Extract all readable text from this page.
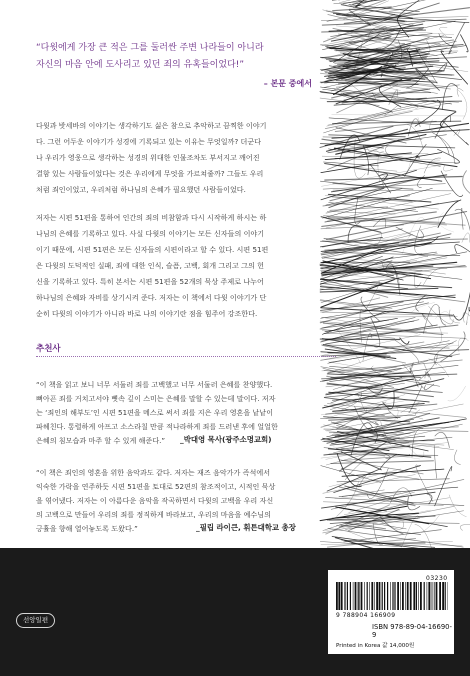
“다윗에게 가장 큰 적은 그를 둘러싼 주변 나라들이 아니라
자신의 마음 안에 도사리고 있던 죄의 유혹들이었다!”
– 본문 중에서
다윗과 밧세바의 이야기는 생각하기도 싫은 참으로 추악하고 끔찍한 이야기
다. 그런 어두운 이야기가 성경에 기록되고 있는 이유는 무엇일까? 더군다
나 우리가 영웅으로 생각하는 성경의 위대한 인물조차도 부서지고 깨어진
결함 있는 사람들이었다는 것은 우리에게 무엇을 가르쳐줄까? 그들도 우리
처럼 죄인이었고, 우리처럼 하나님의 은혜가 필요했던 사람들이었다.
저자는 시편 51편을 통하여 인간의 죄의 비참함과 다시 시작하게 하시는 하
나님의 은혜를 기록하고 있다. 사실 다윗의 이야기는 모든 신자들의 이야기
이기 때문에, 시편 51편은 모든 신자들의 시편이라고 할 수 있다. 시편 51편
은 다윗의 도덕적인 실패, 죄에 대한 인식, 슬픔, 고백, 회개 그리고 그의 헌
신을 기록하고 있다. 특히 본서는 시편 51편을 52개의 묵상 주제로 나누어
하나님의 은혜와 자비를 상기시켜 준다. 저자는 이 책에서 다윗 이야기가 단
순히 다윗의 이야기가 아니라 바로 나의 이야기란 점을 힘주어 강조한다.
추천사
“이 책을 읽고 보니 너무 서둘러 죄를 고백했고 너무 서둘러 은혜를 찬양했다.
뼈아픈 죄를 거치고서야 뼛속 깊이 스미는 은혜를 말할 수 있는데 말이다. 저자
는 ‘죄인의 해부도’인 시편 51편을 메스로 써서 죄를 지은 우리 영혼을 낱낱이
파헤친다. 통렬하게 아프고 소스라칠 만큼 적나라하게 죄를 드러낸 후에 얼얼한
은혜의 침모습과 마주 할 수 있게 해준다.”	_박대영 목사(광주소명교회)
“이 책은 죄인의 영혼을 위한 음악과도 같다. 저자는 재즈 음악가가 즉석에서
익숙한 가락을 연주하듯 시편 51편을 토대로 52편의 참조적이고, 시적인 묵상
을 엮어냈다. 저자는 이 아름다운 음악을 작곡하면서 다윗의 고백을 우리 자신
의 고백으로 만들어 우리의 죄를 정직하게 바라보고, 우리의 마음을 예수님의
긍휼을 향해 열어놓도록 도왔다.”	_필립 라이큰, 휘튼대학교 총장
선앙일편
03230
9 788904 166909
ISBN 978-89-04-16690-9
Printed in Korea 값 14,000원
